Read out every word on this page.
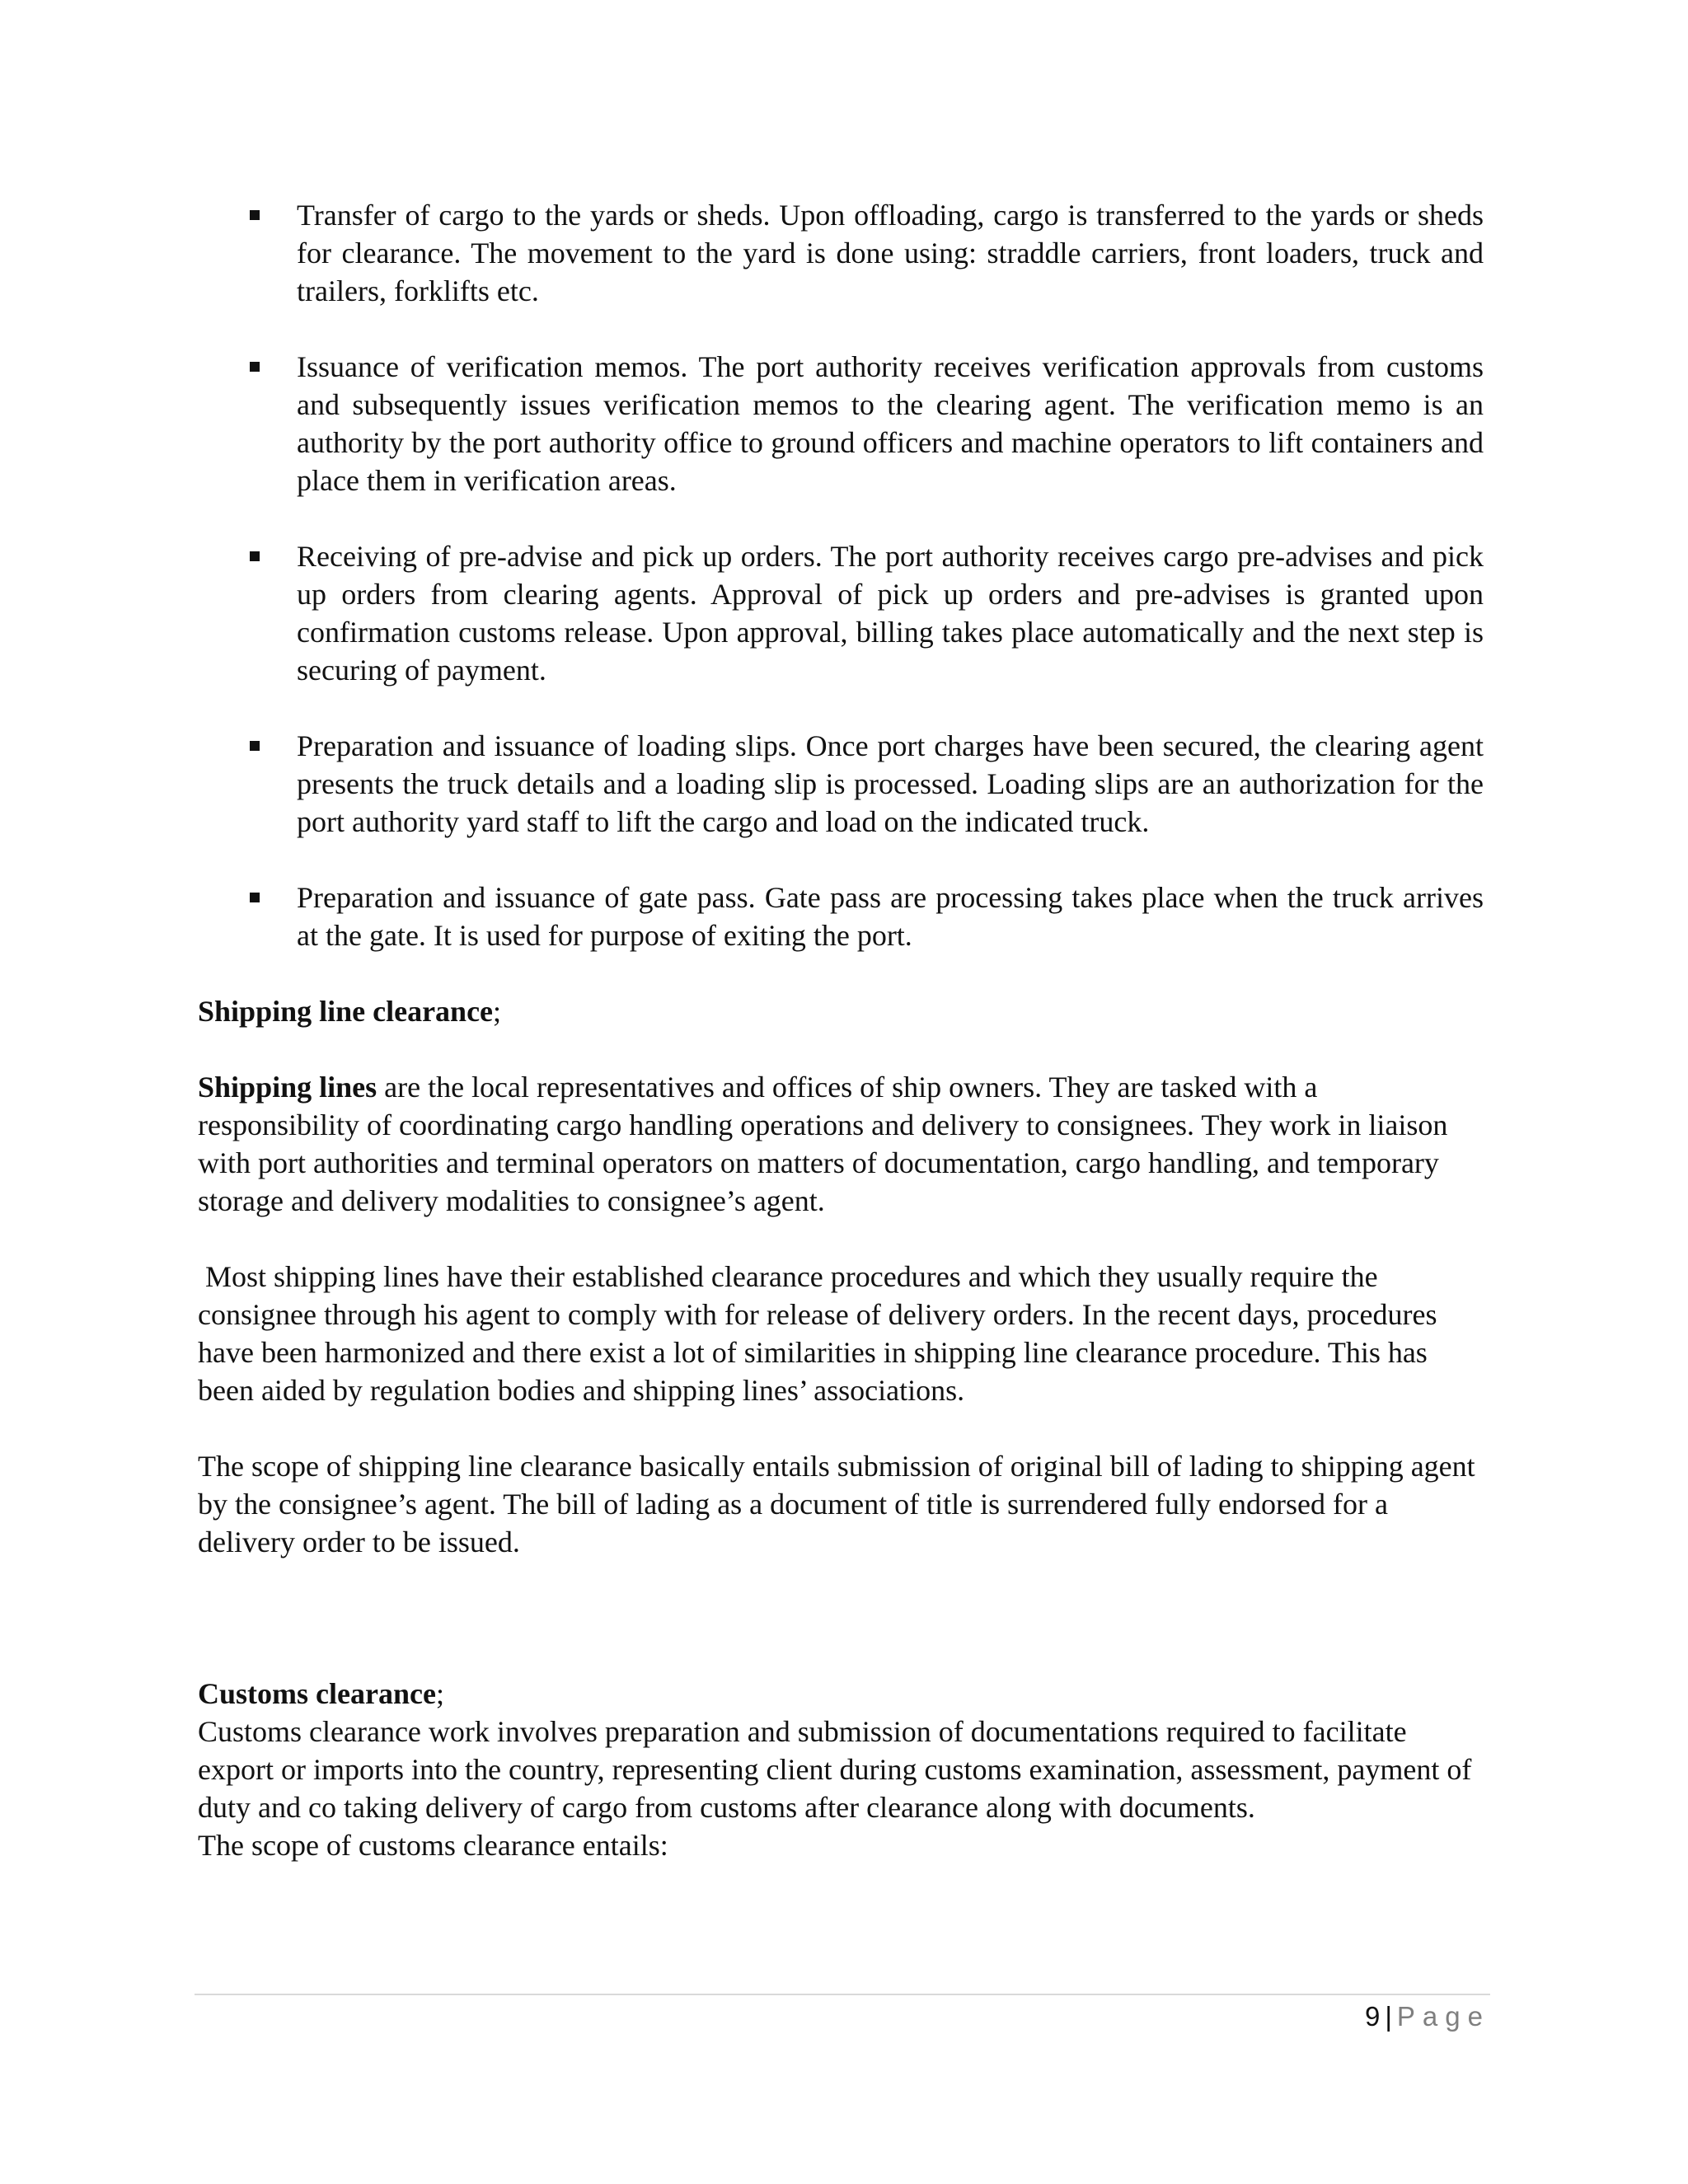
Transfer of cargo to the yards or sheds. Upon offloading, cargo is transferred to the yards or sheds for clearance. The movement to the yard is done using: straddle carriers, front loaders, truck and trailers, forklifts etc.
Issuance of verification memos. The port authority receives verification approvals from customs and subsequently issues verification memos to the clearing agent. The verification memo is an authority by the port authority office to ground officers and machine operators to lift containers and place them in verification areas.
Receiving of pre-advise and pick up orders. The port authority receives cargo pre-advises and pick up orders from clearing agents. Approval of pick up orders and pre-advises is granted upon confirmation customs release. Upon approval, billing takes place automatically and the next step is securing of payment.
Preparation and issuance of loading slips. Once port charges have been secured, the clearing agent presents the truck details and a loading slip is processed. Loading slips are an authorization for the port authority yard staff to lift the cargo and load on the indicated truck.
Preparation and issuance of gate pass. Gate pass are processing takes place when the truck arrives at the gate. It is used for purpose of exiting the port.

Shipping line clearance;

Shipping lines are the local representatives and offices of ship owners. They are tasked with a responsibility of coordinating cargo handling operations and delivery to consignees. They work in liaison with port authorities and terminal operators on matters of documentation, cargo handling, and temporary storage and delivery modalities to consignee’s agent.

Most shipping lines have their established clearance procedures and which they usually require the consignee through his agent to comply with for release of delivery orders. In the recent days, procedures have been harmonized and there exist a lot of similarities in shipping line clearance procedure. This has been aided by regulation bodies and shipping lines’ associations.

The scope of shipping line clearance basically entails submission of original bill of lading to shipping agent by the consignee’s agent. The bill of lading as a document of title is surrendered fully endorsed for a delivery order to be issued.

Customs clearance;

Customs clearance work involves preparation and submission of documentations required to facilitate export or imports into the country, representing client during customs examination, assessment, payment of duty and co taking delivery of cargo from customs after clearance along with documents.

The scope of customs clearance entails:

9 | Page
